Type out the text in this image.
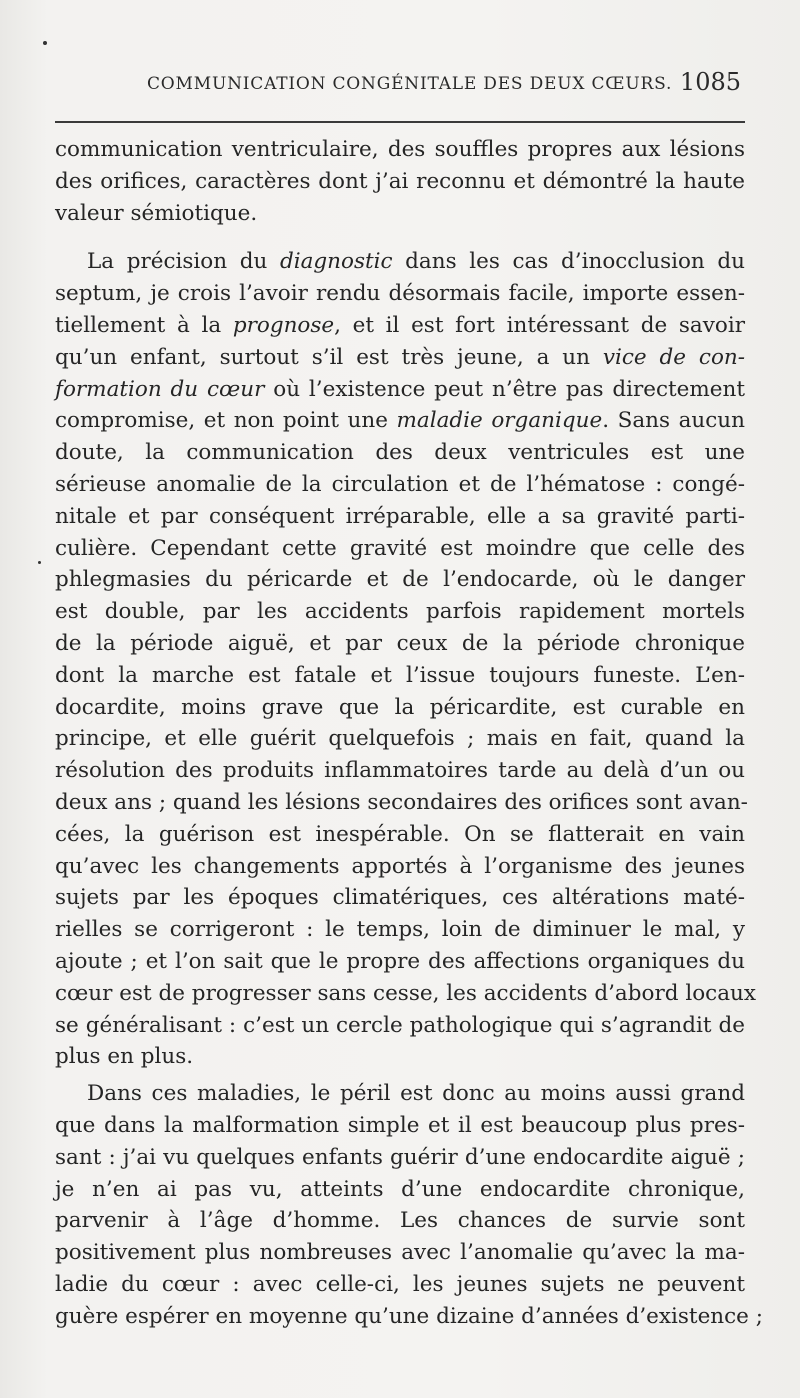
COMMUNICATION CONGÉNITALE DES DEUX CŒURS. 1085
communication ventriculaire, des souffles propres aux lésions
des orifices, caractères dont j’ai reconnu et démontré la haute
valeur sémiotique.
La précision du diagnostic dans les cas d’inocclusion du
septum, je crois l’avoir rendu désormais facile, importe essen-
tiellement à la prognose, et il est fort intéressant de savoir
qu’un enfant, surtout s’il est très jeune, a un vice de con-
formation du cœur où l’existence peut n’être pas directement
compromise, et non point une maladie organique. Sans aucun
doute, la communication des deux ventricules est une
sérieuse anomalie de la circulation et de l’hématose : congé-
nitale et par conséquent irréparable, elle a sa gravité parti-
culière. Cependant cette gravité est moindre que celle des
phlegmasies du péricarde et de l’endocarde, où le danger
est double, par les accidents parfois rapidement mortels
de la période aiguë, et par ceux de la période chronique
dont la marche est fatale et l’issue toujours funeste. L’en-
docardite, moins grave que la péricardite, est curable en
principe, et elle guérit quelquefois ; mais en fait, quand la
résolution des produits inflammatoires tarde au delà d’un ou
deux ans ; quand les lésions secondaires des orifices sont avan-
cées, la guérison est inespérable. On se flatterait en vain
qu’avec les changements apportés à l’organisme des jeunes
sujets par les époques climatériques, ces altérations maté-
rielles se corrigeront : le temps, loin de diminuer le mal, y
ajoute ; et l’on sait que le propre des affections organiques du
cœur est de progresser sans cesse, les accidents d’abord locaux
se généralisant : c’est un cercle pathologique qui s’agrandit de
plus en plus.
Dans ces maladies, le péril est donc au moins aussi grand
que dans la malformation simple et il est beaucoup plus pres-
sant : j’ai vu quelques enfants guérir d’une endocardite aiguë ;
je n’en ai pas vu, atteints d’une endocardite chronique,
parvenir à l’âge d’homme. Les chances de survie sont
positivement plus nombreuses avec l’anomalie qu’avec la ma-
ladie du cœur : avec celle-ci, les jeunes sujets ne peuvent
guère espérer en moyenne qu’une dizaine d’années d’existence ;
